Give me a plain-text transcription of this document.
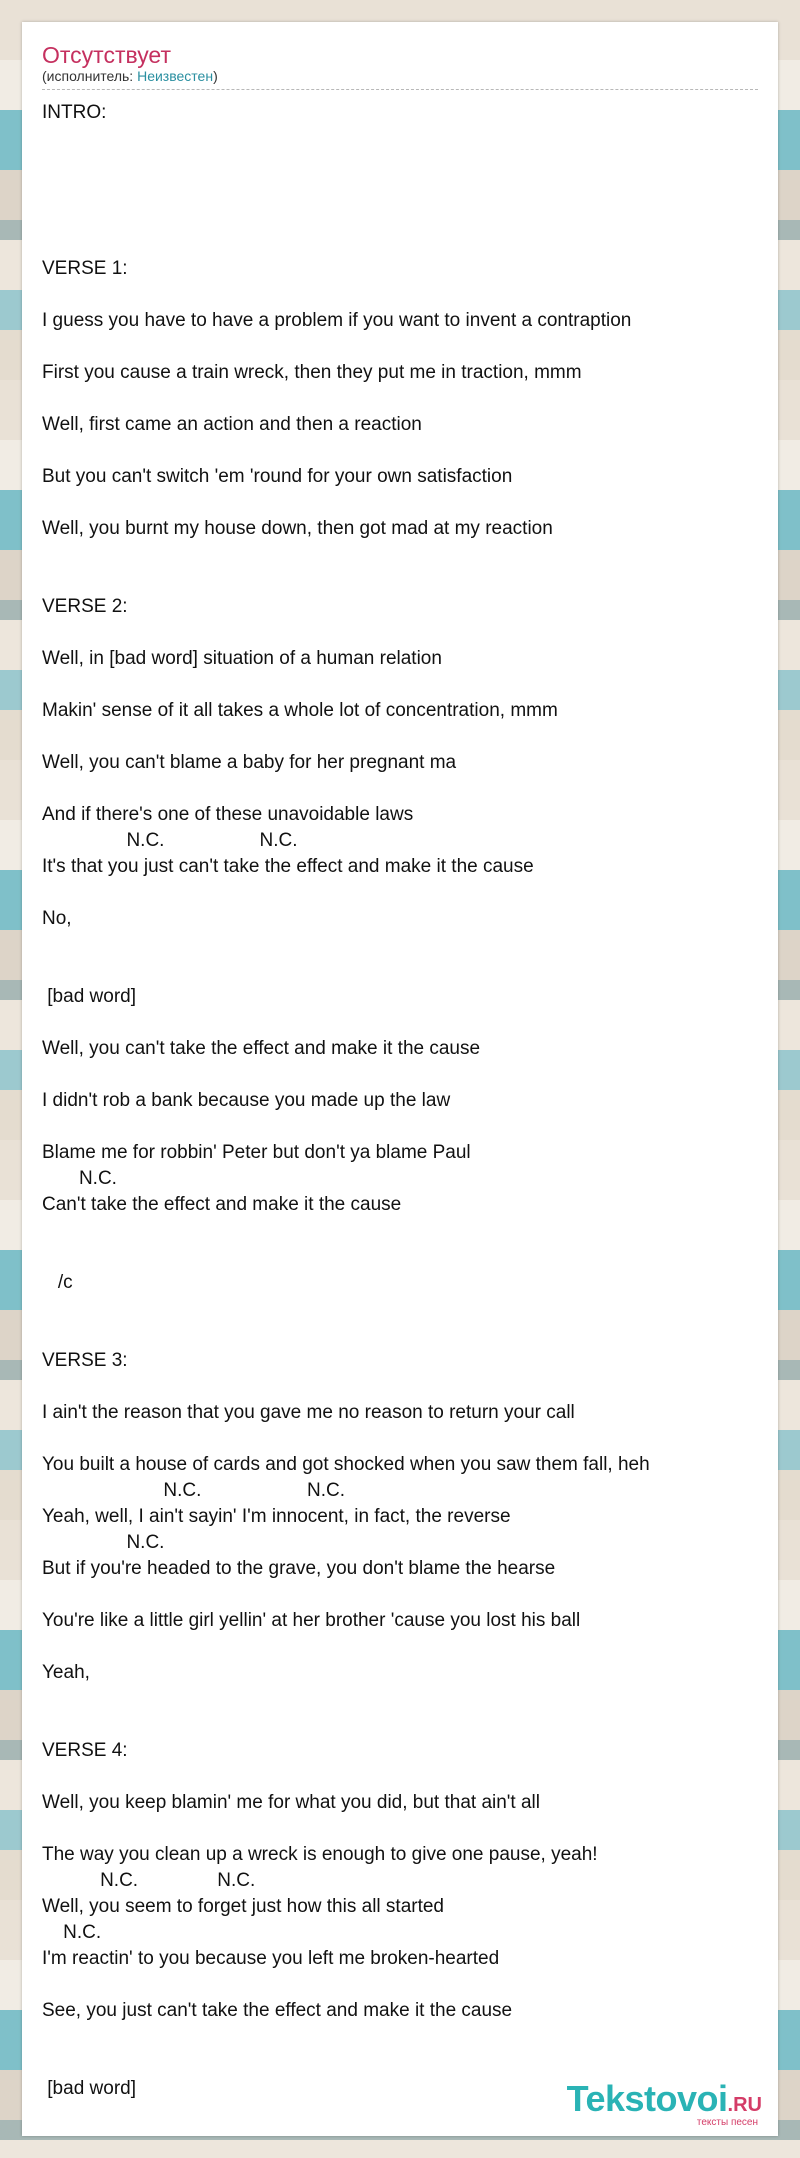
Отсутствует
(исполнитель: Неизвестен)
INTRO:

VERSE 1:

I guess you have to have a problem if you want to invent a contraption

First you cause a train wreck, then they put me in traction, mmm

Well, first came an action and then a reaction

But you can't switch 'em 'round for your own satisfaction

Well, you burnt my house down, then got mad at my reaction

VERSE 2:

Well, in [bad word] situation of a human relation

Makin' sense of it all takes a whole lot of concentration, mmm

Well, you can't blame a baby for her pregnant ma

And if there's one of these unavoidable laws
N.C.                  N.C.
It's that you just can't take the effect and make it the cause

No,

[bad word]

Well, you can't take the effect and make it the cause

I didn't rob a bank because you made up the law

Blame me for robbin' Peter but don't ya blame Paul
N.C.
Can't take the effect and make it the cause

/c

VERSE 3:

I ain't the reason that you gave me no reason to return your call

You built a house of cards and got shocked when you saw them fall, heh
N.C.                    N.C.
Yeah, well, I ain't sayin' I'm innocent, in fact, the reverse
N.C.
But if you're headed to the grave, you don't blame the hearse

You're like a little girl yellin' at her brother 'cause you lost his ball

Yeah,

VERSE 4:

Well, you keep blamin' me for what you did, but that ain't all

The way you clean up a wreck is enough to give one pause, yeah!
N.C.               N.C.
Well, you seem to forget just how this all started
N.C.
I'm reactin' to you because you left me broken-hearted

See, you just can't take the effect and make it the cause

[bad word]	Tekstovoi.RU
тексты песен
